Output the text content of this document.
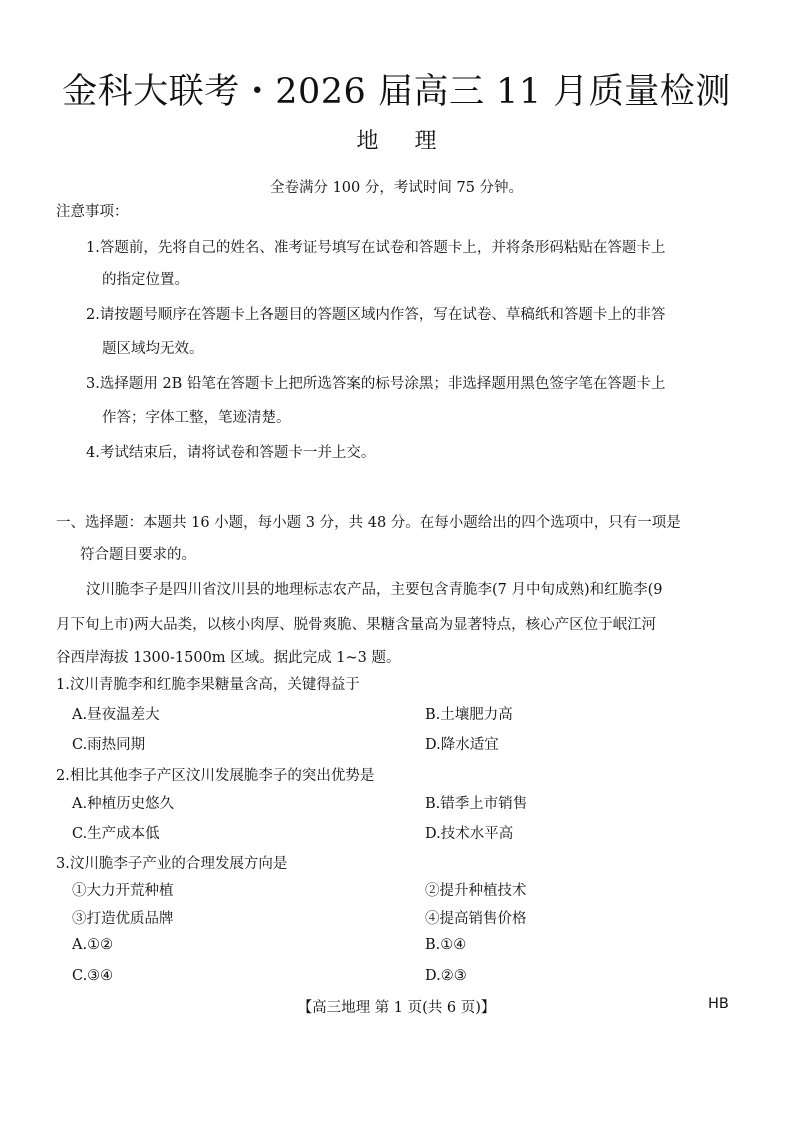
金科大联考・2026 届高三 11 月质量检测
地 理
全卷满分 100 分，考试时间 75 分钟。
注意事项：
1.答题前，先将自己的姓名、准考证号填写在试卷和答题卡上，并将条形码粘贴在答题卡上
的指定位置。
2.请按题号顺序在答题卡上各题目的答题区域内作答，写在试卷、草稿纸和答题卡上的非答
题区域均无效。
3.选择题用 2B 铅笔在答题卡上把所选答案的标号涂黑；非选择题用黑色签字笔在答题卡上
作答；字体工整，笔迹清楚。
4.考试结束后，请将试卷和答题卡一并上交。
一、选择题：本题共 16 小题，每小题 3 分，共 48 分。在每小题给出的四个选项中，只有一项是
符合题目要求的。
汶川脆李子是四川省汶川县的地理标志农产品，主要包含青脆李(7 月中旬成熟)和红脆李(9
月下旬上市)两大品类，以核小肉厚、脱骨爽脆、果糖含量高为显著特点，核心产区位于岷江河
谷西岸海拔 1300-1500m 区域。据此完成 1~3 题。
1.汶川青脆李和红脆李果糖量含高，关键得益于
A.昼夜温差大	B.土壤肥力高
C.雨热同期	D.降水适宜
2.相比其他李子产区汶川发展脆李子的突出优势是
A.种植历史悠久	B.错季上市销售
C.生产成本低	D.技术水平高
3.汶川脆李子产业的合理发展方向是
①大力开荒种植	②提升种植技术
③打造优质品牌	④提高销售价格
A.①②	B.①④
C.③④	D.②③
【高三地理 第 1 页(共 6 页)】	HB
